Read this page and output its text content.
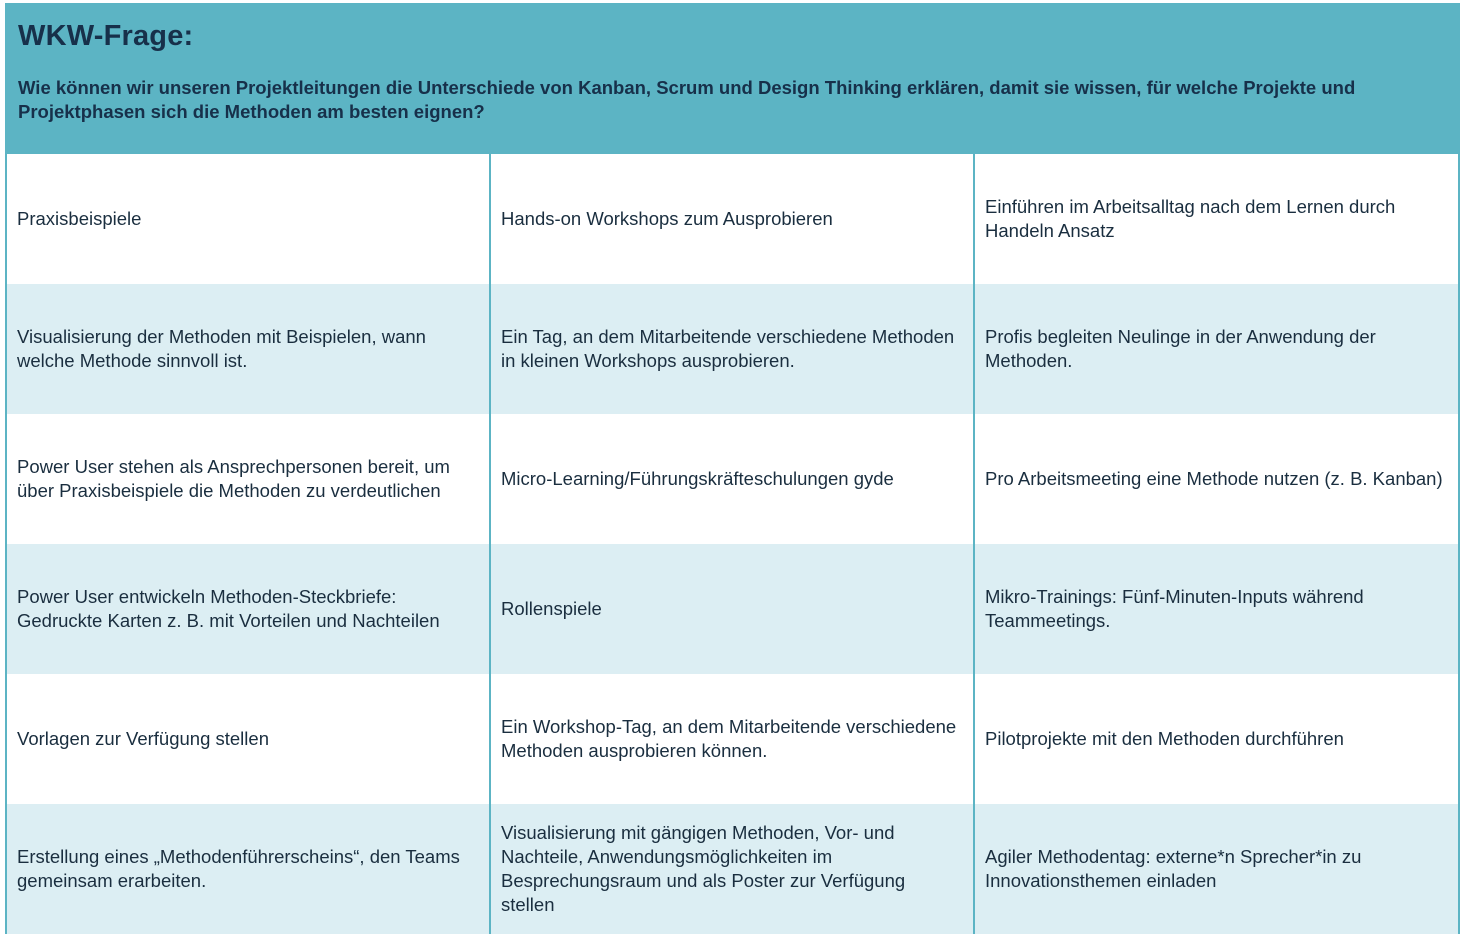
WKW-Frage:
Wie können wir unseren Projektleitungen die Unterschiede von Kanban, Scrum und Design Thinking erklären, damit sie wissen, für welche Projekte und Projektphasen sich die Methoden am besten eignen?
Praxisbeispiele	Hands-on Workshops zum Ausprobieren
Einführen im Arbeitsalltag nach dem Lernen durch Handeln Ansatz
Visualisierung der Methoden mit Beispielen, wann welche Methode sinnvoll ist.
Ein Tag, an dem Mitarbeitende verschiedene Methoden in kleinen Workshops ausprobieren.
Profis begleiten Neulinge in der Anwendung der Methoden.
Power User stehen als Ansprechpersonen bereit, um über Praxisbeispiele die Methoden zu verdeutlichen
Micro-Learning/Führungskräfteschulungen gyde	Pro Arbeitsmeeting eine Methode nutzen (z. B. Kanban)
Power User entwickeln Methoden-Steckbriefe: Gedruckte Karten z. B. mit Vorteilen und Nachteilen
Rollenspiele
Mikro-Trainings: Fünf-Minuten-Inputs während Teammeetings.
Vorlagen zur Verfügung stellen
Ein Workshop-Tag, an dem Mitarbeitende verschiedene Methoden ausprobieren können.
Pilotprojekte mit den Methoden durchführen
Erstellung eines „Methodenführerscheins“, den Teams gemeinsam erarbeiten.
Visualisierung mit gängigen Methoden, Vor- und Nachteile, Anwendungsmöglichkeiten im Besprechungsraum und als Poster zur Verfügung stellen
Agiler Methodentag: externe*n Sprecher*in zu Innovationsthemen einladen
